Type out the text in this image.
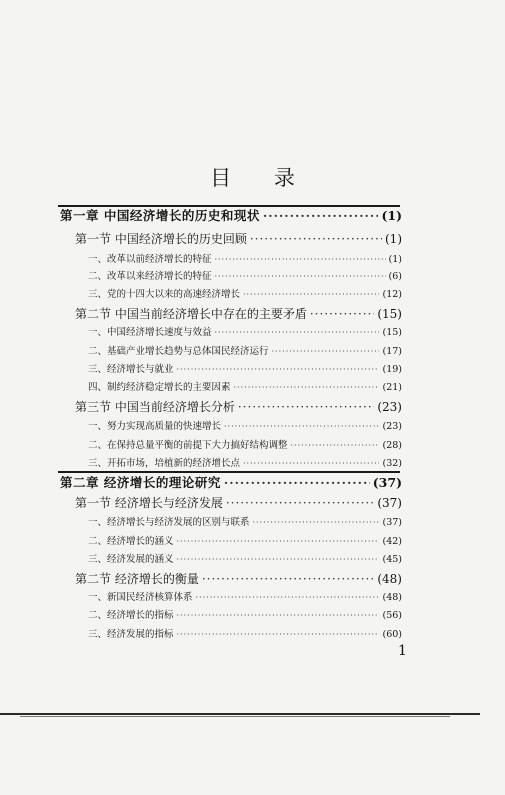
目 录
第一章 中国经济增长的历史和现状 ·····	(1)
第一节 中国经济增长的历史回顾 ·····	(1)
一、改革以前经济增长的特征 ·····	(1)
二、改革以来经济增长的特征 ·····	(6)
三、党的十四大以来的高速经济增长 ·····	(12)
第二节 中国当前经济增长中存在的主要矛盾 ·····	(15)
一、中国经济增长速度与效益 ·····	(15)
二、基础产业增长趋势与总体国民经济运行 ·····	(17)
三、经济增长与就业 ·····	(19)
四、制约经济稳定增长的主要因素 ·····	(21)
第三节 中国当前经济增长分析 ·····	(23)
一、努力实现高质量的快速增长 ·····	(23)
二、在保持总量平衡的前提下大力搞好结构调整 ·····	(28)
三、开拓市场，培植新的经济增长点 ·····	(32)
第二章 经济增长的理论研究 ·····	(37)
第一节 经济增长与经济发展 ·····	(37)
一、经济增长与经济发展的区别与联系 ·····	(37)
二、经济增长的涵义 ·····	(42)
三、经济发展的涵义 ·····	(45)
第二节 经济增长的衡量 ·····	(48)
一、新国民经济核算体系 ·····	(48)
二、经济增长的指标 ·····	(56)
三、经济发展的指标 ·····	(60)
1
